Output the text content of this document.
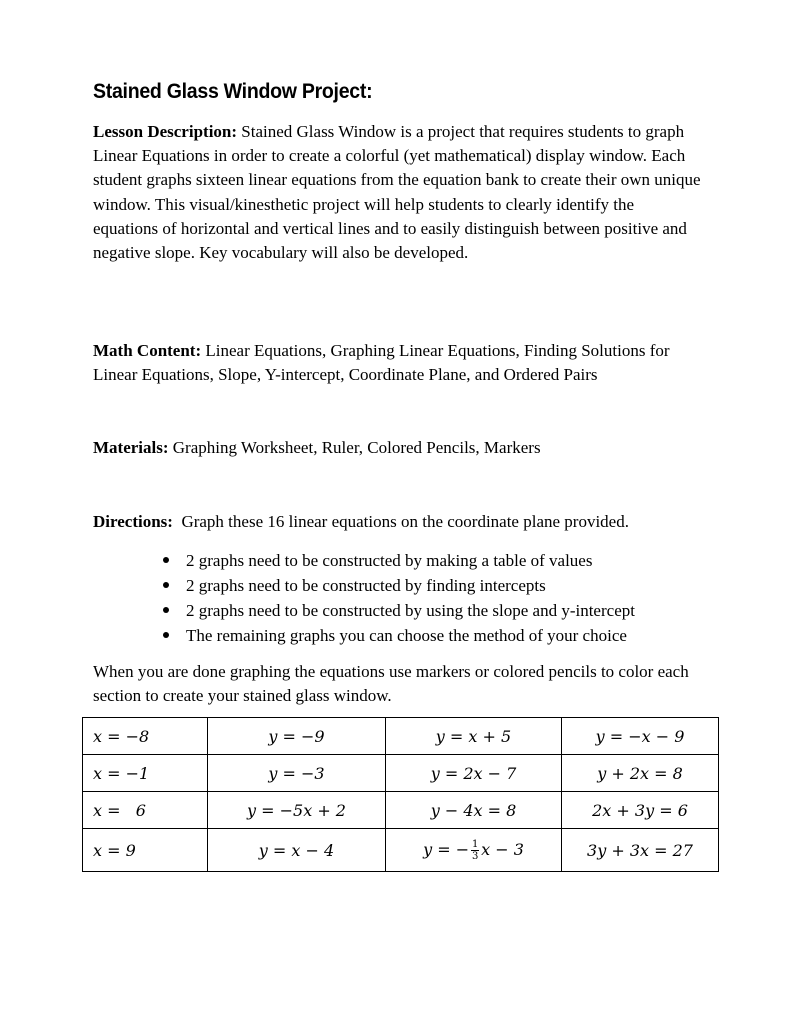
Stained Glass Window Project:
Lesson Description: Stained Glass Window is a project that requires students to graph Linear Equations in order to create a colorful (yet mathematical) display window. Each student graphs sixteen linear equations from the equation bank to create their own unique window. This visual/kinesthetic project will help students to clearly identify the equations of horizontal and vertical lines and to easily distinguish between positive and negative slope. Key vocabulary will also be developed.
Math Content: Linear Equations, Graphing Linear Equations, Finding Solutions for Linear Equations, Slope, Y-intercept, Coordinate Plane, and Ordered Pairs
Materials: Graphing Worksheet, Ruler, Colored Pencils, Markers
Directions:  Graph these 16 linear equations on the coordinate plane provided.
2 graphs need to be constructed by making a table of values
2 graphs need to be constructed by finding intercepts
2 graphs need to be constructed by using the slope and y-intercept
The remaining graphs you can choose the method of your choice
When you are done graphing the equations use markers or colored pencils to color each section to create your stained glass window.
x = −8	y = −9	y = x + 5	y = −x − 9
x = −1	y = −3	y = 2x − 7	y + 2x = 8
x =   6	y = −5x + 2	y − 4x = 8	2x + 3y = 6
x = 9	y = x − 4	y = − $\frac{1}{3}$ x − 3	3y + 3x = 27
